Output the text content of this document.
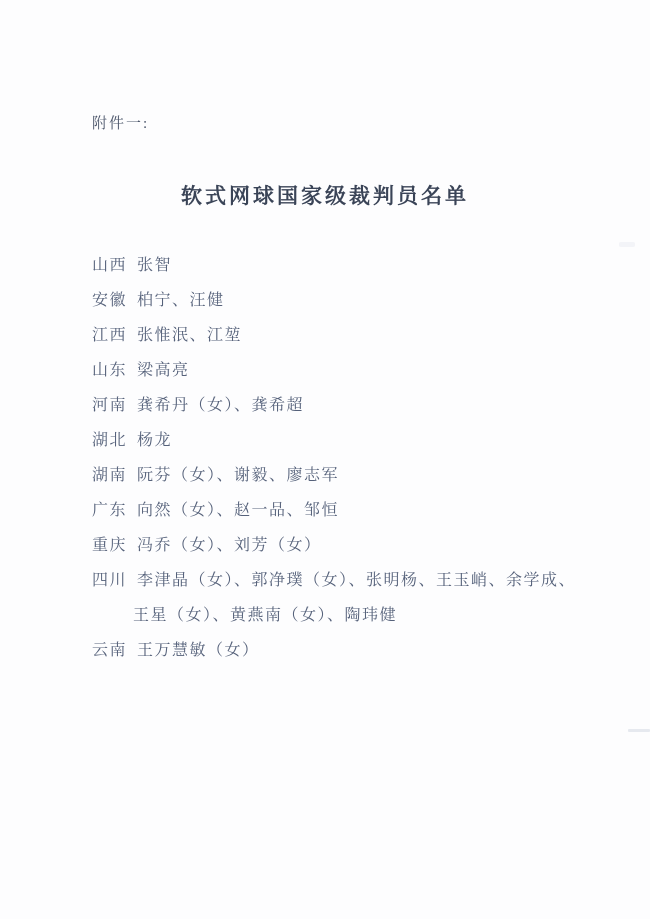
附件一:
软式网球国家级裁判员名单
山西 张智
安徽 柏宁、汪健
江西 张惟泯、江堃
山东 梁高亮
河南 龚希丹（女）、龚希超
湖北 杨龙
湖南 阮芬（女）、谢毅、廖志军
广东 向然（女）、赵一品、邹恒
重庆 冯乔（女）、刘芳（女）
四川 李津晶（女）、郭净璞（女）、张明杨、王玉峭、余学成、
王星（女）、黄燕南（女）、陶玮健
云南 王万慧敏（女）
